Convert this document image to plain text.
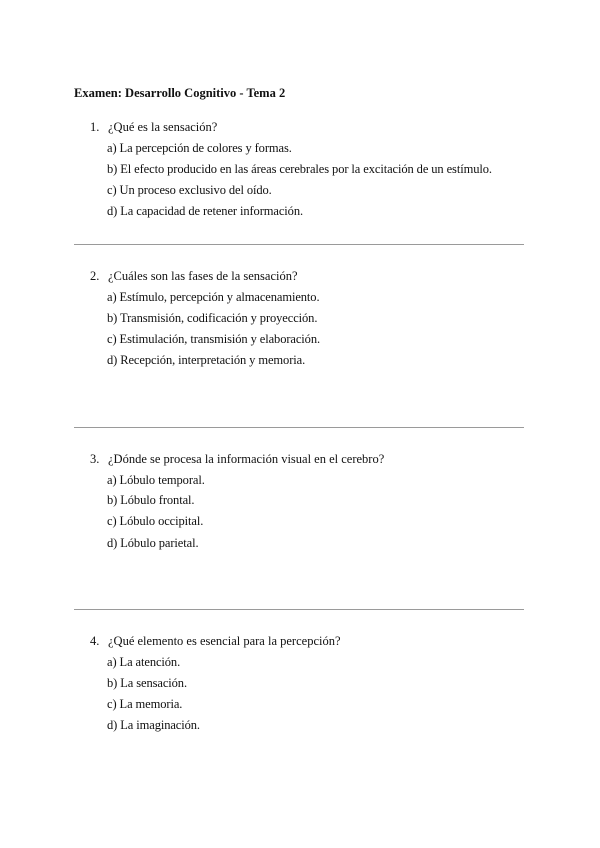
Examen: Desarrollo Cognitivo - Tema 2
1. ¿Qué es la sensación?
a) La percepción de colores y formas.
b) El efecto producido en las áreas cerebrales por la excitación de un estímulo.
c) Un proceso exclusivo del oído.
d) La capacidad de retener información.
2. ¿Cuáles son las fases de la sensación?
a) Estímulo, percepción y almacenamiento.
b) Transmisión, codificación y proyección.
c) Estimulación, transmisión y elaboración.
d) Recepción, interpretación y memoria.
3. ¿Dónde se procesa la información visual en el cerebro?
a) Lóbulo temporal.
b) Lóbulo frontal.
c) Lóbulo occipital.
d) Lóbulo parietal.
4. ¿Qué elemento es esencial para la percepción?
a) La atención.
b) La sensación.
c) La memoria.
d) La imaginación.
